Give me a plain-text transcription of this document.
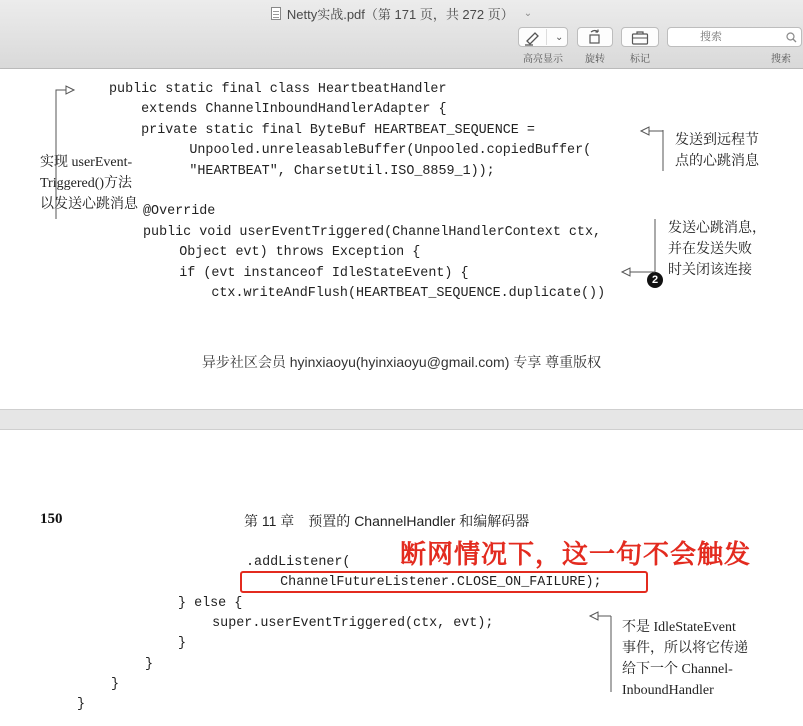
Netty实战.pdf（第 171 页，共 272 页） ⌄
⌄
高亮显示	旋转	标记
搜索	搜索
public static final class HeartbeatHandler
extends ChannelInboundHandlerAdapter {
private static final ByteBuf HEARTBEAT_SEQUENCE =
Unpooled.unreleasableBuffer(Unpooled.copiedBuffer(
"HEARTBEAT", CharsetUtil.ISO_8859_1));
@Override
public void userEventTriggered(ChannelHandlerContext ctx,
Object evt) throws Exception {
if (evt instanceof IdleStateEvent) {
ctx.writeAndFlush(HEARTBEAT_SEQUENCE.duplicate())
实现 userEvent-
Triggered()方法
以发送心跳消息
发送到远程节
点的心跳消息
2
发送心跳消息，
并在发送失败
时关闭该连接
异步社区会员 hyinxiaoyu(hyinxiaoyu@gmail.com) 专享 尊重版权
150	第 11 章　预置的 ChannelHandler 和编解码器
.addListener(
ChannelFutureListener.CLOSE_ON_FAILURE);
} else {
super.userEventTriggered(ctx, evt);
}
}
}
}
断网情况下，这一句不会触发
不是 IdleStateEvent
事件，所以将它传递
给下一个 Channel-
InboundHandler
